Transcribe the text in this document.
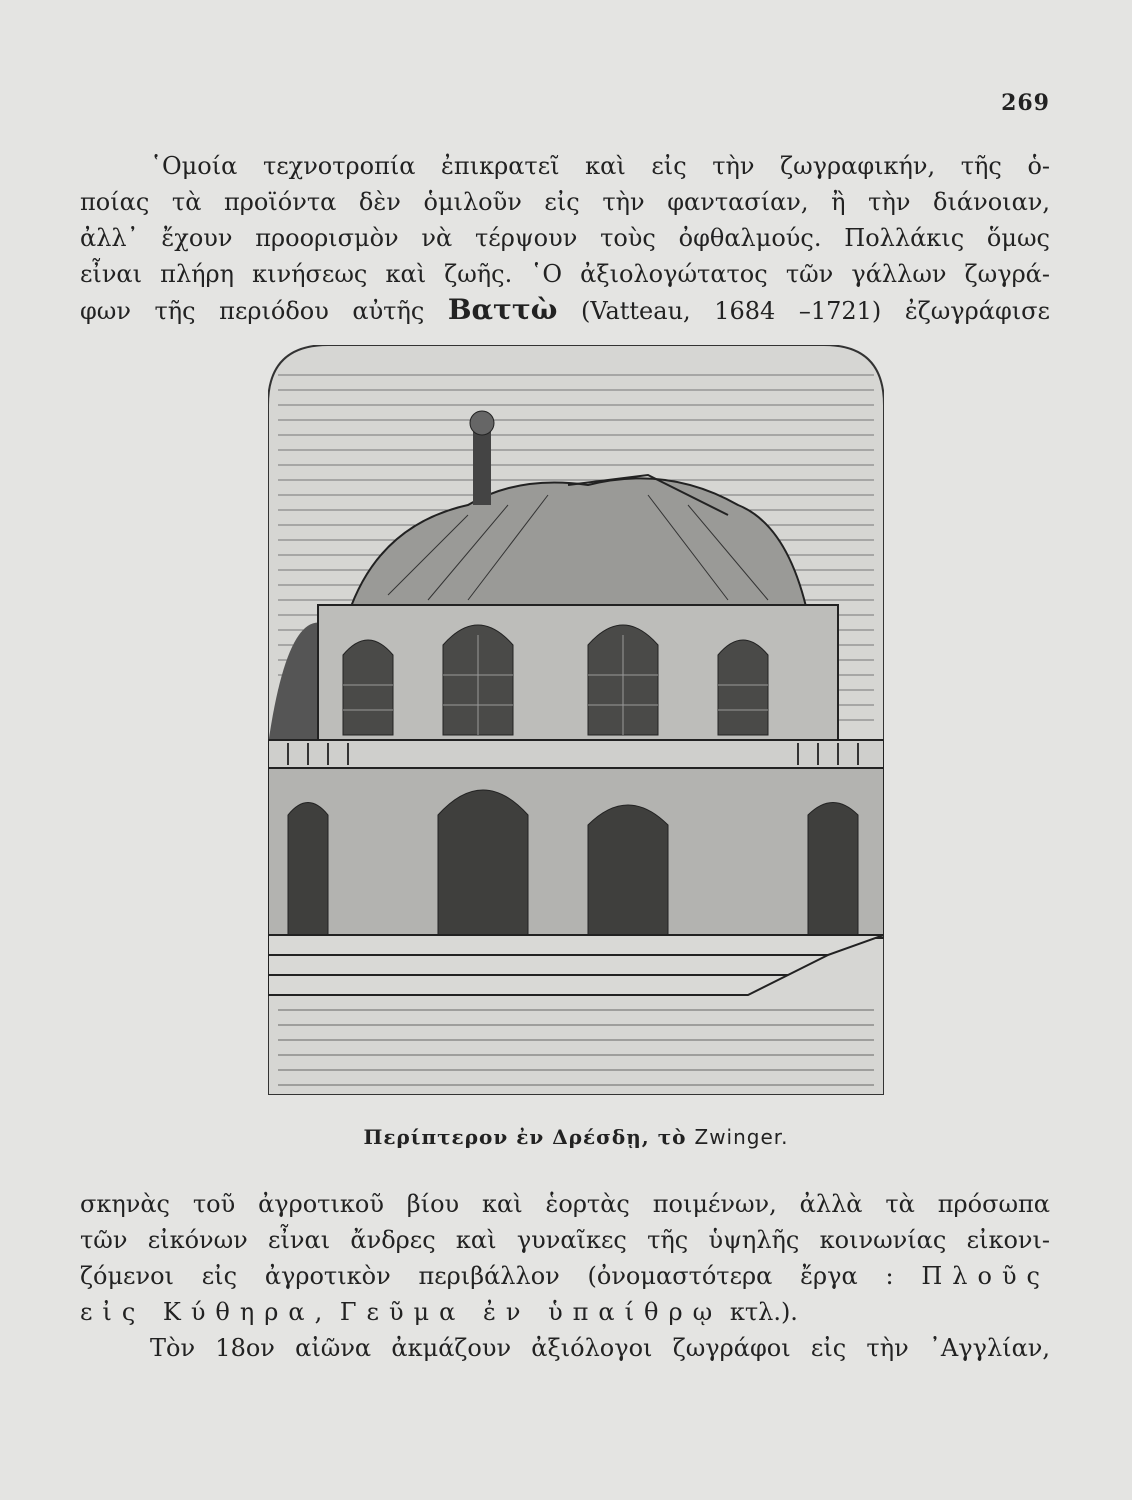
269
῾Ομοία τεχνοτροπία ἐπικρατεῖ καὶ εἰς τὴν ζωγραφικήν, τῆς ὁ-
ποίας τὰ προϊόντα δὲν ὁμιλοῦν εἰς τὴν φαντασίαν, ἢ τὴν διάνοιαν,
ἀλλ᾽ ἔχουν προορισμὸν νὰ τέρψουν τοὺς ὀφθαλμούς. Πολλάκις ὅμως
εἶναι πλήρη κινήσεως καὶ ζωῆς. ῾Ο ἀξιολογώτατος τῶν γάλλων ζωγρά-
φων τῆς περιόδου αὐτῆς Βαττὼ (Vatteau, 1684 –1721) ἐζωγράφισε
Περίπτερον ἐν Δρέσδῃ, τὸ Zwinger.
σκηνὰς τοῦ ἀγροτικοῦ βίου καὶ ἑορτὰς ποιμένων, ἀλλὰ τὰ πρόσωπα
τῶν εἰκόνων εἶναι ἄνδρες καὶ γυναῖκες τῆς ὑψηλῆς κοινωνίας εἰκονι-
ζόμενοι εἰς ἀγροτικὸν περιβάλλον (ὀνομαστότερα ἔργα : Πλοῦς
εἰς Κύθηρα, Γεῦμα ἐν ὑπαίθρῳ κτλ.).
Τὸν 18ον αἰῶνα ἀκμάζουν ἀξιόλογοι ζωγράφοι εἰς τὴν ᾿Αγγλίαν,
